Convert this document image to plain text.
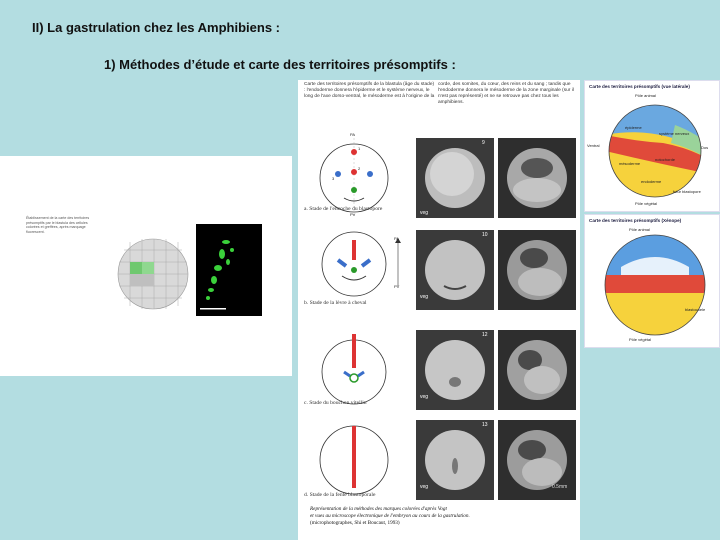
II) La gastrulation chez les Amphibiens :
1) Méthodes d’étude et carte des territoires présomptifs :
Établissement de la carte des territoires présomptifs par le blastula des cellules colorées et greffées, après marquage fluorescent.
Carte des territoires présomptifs de la blastula (âge du stade) : l'endoderme donnera l'épiderme et le système nerveux, le long de l'axe dorso-ventral, le mésoderme est à l'origine de la
corde, des somites, du cœur, des reins et du sang ; tandis que l'endoderme donnera le mésoderme de la zone marginale (sur il n'est pas représenté) et ne se retrouve pas chez tous les amphibiens.
PA
1
2
3
PV
a. Stade de l'encoche du blastopore
PA
PV
b. Stade de la lèvre à cheval
c. Stade du bouchon vitellin
d. Stade de la fente blastoporale
9
veg
10
veg
12
veg
13
veg	0.5mm
Représentation de la méthodes des marques colorées d'après Vogt
et vues au microscope électronique de l'embryon au cours de la gastrulation.
(microphotographes, Shi et Boucaut, 1993)
Carte des territoires présomptifs (vue latérale)
Pôle animal
Ventral	Dos
épiderme
système nerveux
notochorde
mésoderme
endoderme
Pôle végétal
futur blastopore
Carte des territoires présomptifs (Xénope)
Pôle animal
Pôle végétal
blastocoele
